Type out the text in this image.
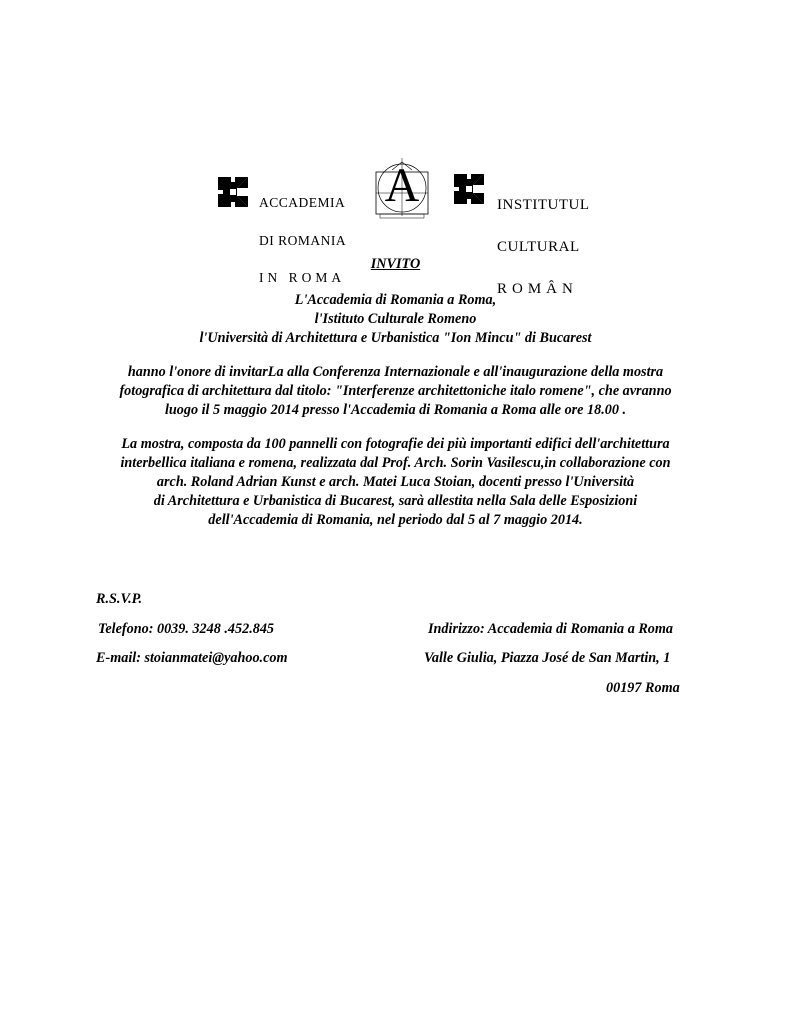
ACCADEMIA

DI ROMANIA

IN ROMA

A

	INSTITUTUL

CULTURAL

ROMÂN

INVITO
L'Accademia di Romania a Roma,
l'Istituto Culturale Romeno
l'Università di Architettura e Urbanistica "Ion Mincu" di Bucarest
hanno l'onore di invitarLa alla Conferenza Internazionale e all'inaugurazione della mostra
fotografica di architettura dal titolo: "Interferenze architettoniche italo romene", che avranno
luogo il 5 maggio 2014 presso l'Accademia di Romania a Roma alle ore 18.00 .
La mostra, composta da 100 pannelli con fotografie dei più importanti edifici dell'architettura
interbellica italiana e romena, realizzata dal Prof. Arch. Sorin Vasilescu,in collaborazione con
arch. Roland Adrian Kunst e arch. Matei Luca Stoian, docenti presso l'Università
di Architettura e Urbanistica di Bucarest, sarà allestita nella Sala delle Esposizioni
dell'Accademia di Romania, nel periodo dal 5 al 7 maggio 2014.
R.S.V.P.
Telefono: 0039. 3248 .452.845
E-mail: stoianmatei@yahoo.com
Indirizzo: Accademia di Romania a Roma
Valle Giulia, Piazza José de San Martin, 1
00197 Roma
